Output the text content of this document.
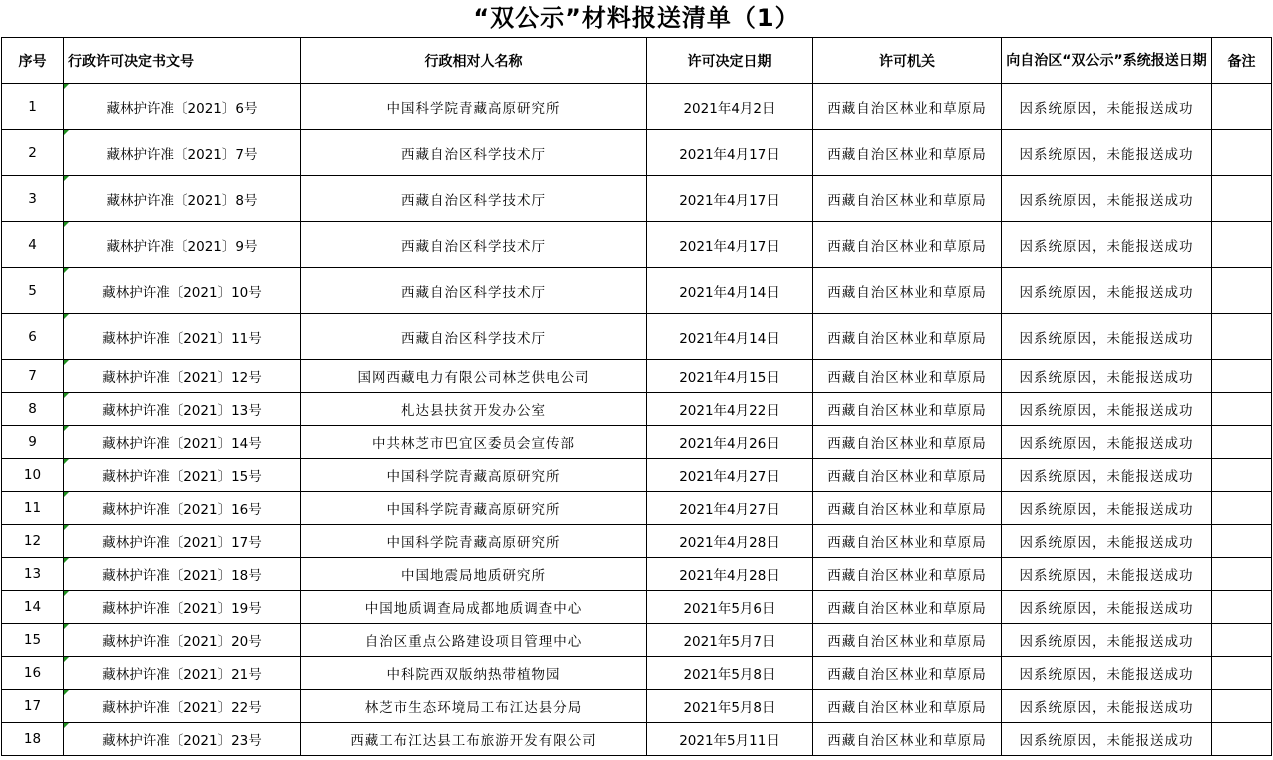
“双公示”材料报送清单（1）
序号	行政许可决定书文号	行政相对人名称	许可决定日期	许可机关	向自治区“双公示”系统报送日期	备注
1	藏林护许准〔2021〕6号	中国科学院青藏高原研究所	2021年4月2日	西藏自治区林业和草原局	因系统原因，未能报送成功	
2	藏林护许准〔2021〕7号	西藏自治区科学技术厅	2021年4月17日	西藏自治区林业和草原局	因系统原因，未能报送成功	
3	藏林护许准〔2021〕8号	西藏自治区科学技术厅	2021年4月17日	西藏自治区林业和草原局	因系统原因，未能报送成功	
4	藏林护许准〔2021〕9号	西藏自治区科学技术厅	2021年4月17日	西藏自治区林业和草原局	因系统原因，未能报送成功	
5	藏林护许准〔2021〕10号	西藏自治区科学技术厅	2021年4月14日	西藏自治区林业和草原局	因系统原因，未能报送成功	
6	藏林护许准〔2021〕11号	西藏自治区科学技术厅	2021年4月14日	西藏自治区林业和草原局	因系统原因，未能报送成功	
7	藏林护许准〔2021〕12号	国网西藏电力有限公司林芝供电公司	2021年4月15日	西藏自治区林业和草原局	因系统原因，未能报送成功	
8	藏林护许准〔2021〕13号	札达县扶贫开发办公室	2021年4月22日	西藏自治区林业和草原局	因系统原因，未能报送成功	
9	藏林护许准〔2021〕14号	中共林芝市巴宜区委员会宣传部	2021年4月26日	西藏自治区林业和草原局	因系统原因，未能报送成功	
10	藏林护许准〔2021〕15号	中国科学院青藏高原研究所	2021年4月27日	西藏自治区林业和草原局	因系统原因，未能报送成功	
11	藏林护许准〔2021〕16号	中国科学院青藏高原研究所	2021年4月27日	西藏自治区林业和草原局	因系统原因，未能报送成功	
12	藏林护许准〔2021〕17号	中国科学院青藏高原研究所	2021年4月28日	西藏自治区林业和草原局	因系统原因，未能报送成功	
13	藏林护许准〔2021〕18号	中国地震局地质研究所	2021年4月28日	西藏自治区林业和草原局	因系统原因，未能报送成功	
14	藏林护许准〔2021〕19号	中国地质调查局成都地质调查中心	2021年5月6日	西藏自治区林业和草原局	因系统原因，未能报送成功	
15	藏林护许准〔2021〕20号	自治区重点公路建设项目管理中心	2021年5月7日	西藏自治区林业和草原局	因系统原因，未能报送成功	
16	藏林护许准〔2021〕21号	中科院西双版纳热带植物园	2021年5月8日	西藏自治区林业和草原局	因系统原因，未能报送成功	
17	藏林护许准〔2021〕22号	林芝市生态环境局工布江达县分局	2021年5月8日	西藏自治区林业和草原局	因系统原因，未能报送成功	
18	藏林护许准〔2021〕23号	西藏工布江达县工布旅游开发有限公司	2021年5月11日	西藏自治区林业和草原局	因系统原因，未能报送成功	
